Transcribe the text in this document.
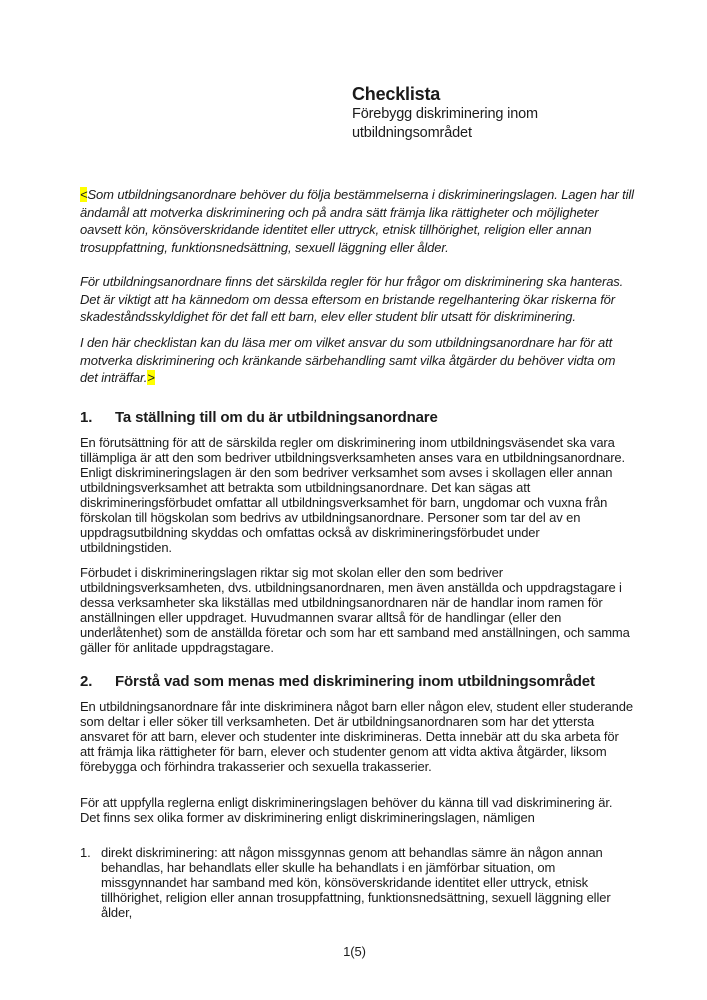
Checklista
Förebygg diskriminering inom
utbildningsområdet

<Som utbildningsanordnare behöver du följa bestämmelserna i diskrimineringslagen. Lagen har till ändamål att motverka diskriminering och på andra sätt främja lika rättigheter och möjligheter oavsett kön, könsöverskridande identitet eller uttryck, etnisk tillhörighet, religion eller annan trosuppfattning, funktionsnedsättning, sexuell läggning eller ålder.

För utbildningsanordnare finns det särskilda regler för hur frågor om diskriminering ska hanteras. Det är viktigt att ha kännedom om dessa eftersom en bristande regelhantering ökar riskerna för skadeståndsskyldighet för det fall ett barn, elev eller student blir utsatt för diskriminering.

I den här checklistan kan du läsa mer om vilket ansvar du som utbildningsanordnare har för att motverka diskriminering och kränkande särbehandling samt vilka åtgärder du behöver vidta om det inträffar.>

1. Ta ställning till om du är utbildningsanordnare

En förutsättning för att de särskilda regler om diskriminering inom utbildningsväsendet ska vara tillämpliga är att den som bedriver utbildningsverksamheten anses vara en utbildningsanordnare. Enligt diskrimineringslagen är den som bedriver verksamhet som avses i skollagen eller annan utbildningsverksamhet att betrakta som utbildningsanordnare. Det kan sägas att diskrimineringsförbudet omfattar all utbildningsverksamhet för barn, ungdomar och vuxna från förskolan till högskolan som bedrivs av utbildningsanordnare. Personer som tar del av en uppdragsutbildning skyddas och omfattas också av diskrimineringsförbudet under utbildningstiden.

Förbudet i diskrimineringslagen riktar sig mot skolan eller den som bedriver utbildningsverksamheten, dvs. utbildningsanordnaren, men även anställda och uppdragstagare i dessa verksamheter ska likställas med utbildningsanordnaren när de handlar inom ramen för anställningen eller uppdraget. Huvudmannen svarar alltså för de handlingar (eller den underlåtenhet) som de anställda företar och som har ett samband med anställningen, och samma gäller för anlitade uppdragstagare.

2. Förstå vad som menas med diskriminering inom utbildningsområdet

En utbildningsanordnare får inte diskriminera något barn eller någon elev, student eller studerande som deltar i eller söker till verksamheten. Det är utbildningsanordnaren som har det yttersta ansvaret för att barn, elever och studenter inte diskrimineras. Detta innebär att du ska arbeta för att främja lika rättigheter för barn, elever och studenter genom att vidta aktiva åtgärder, liksom förebygga och förhindra trakasserier och sexuella trakasserier.

För att uppfylla reglerna enligt diskrimineringslagen behöver du känna till vad diskriminering är. Det finns sex olika former av diskriminering enligt diskrimineringslagen, nämligen

1. direkt diskriminering: att någon missgynnas genom att behandlas sämre än någon annan behandlas, har behandlats eller skulle ha behandlats i en jämförbar situation, om missgynnandet har samband med kön, könsöverskridande identitet eller uttryck, etnisk tillhörighet, religion eller annan trosuppfattning, funktionsnedsättning, sexuell läggning eller ålder,
1(5)
